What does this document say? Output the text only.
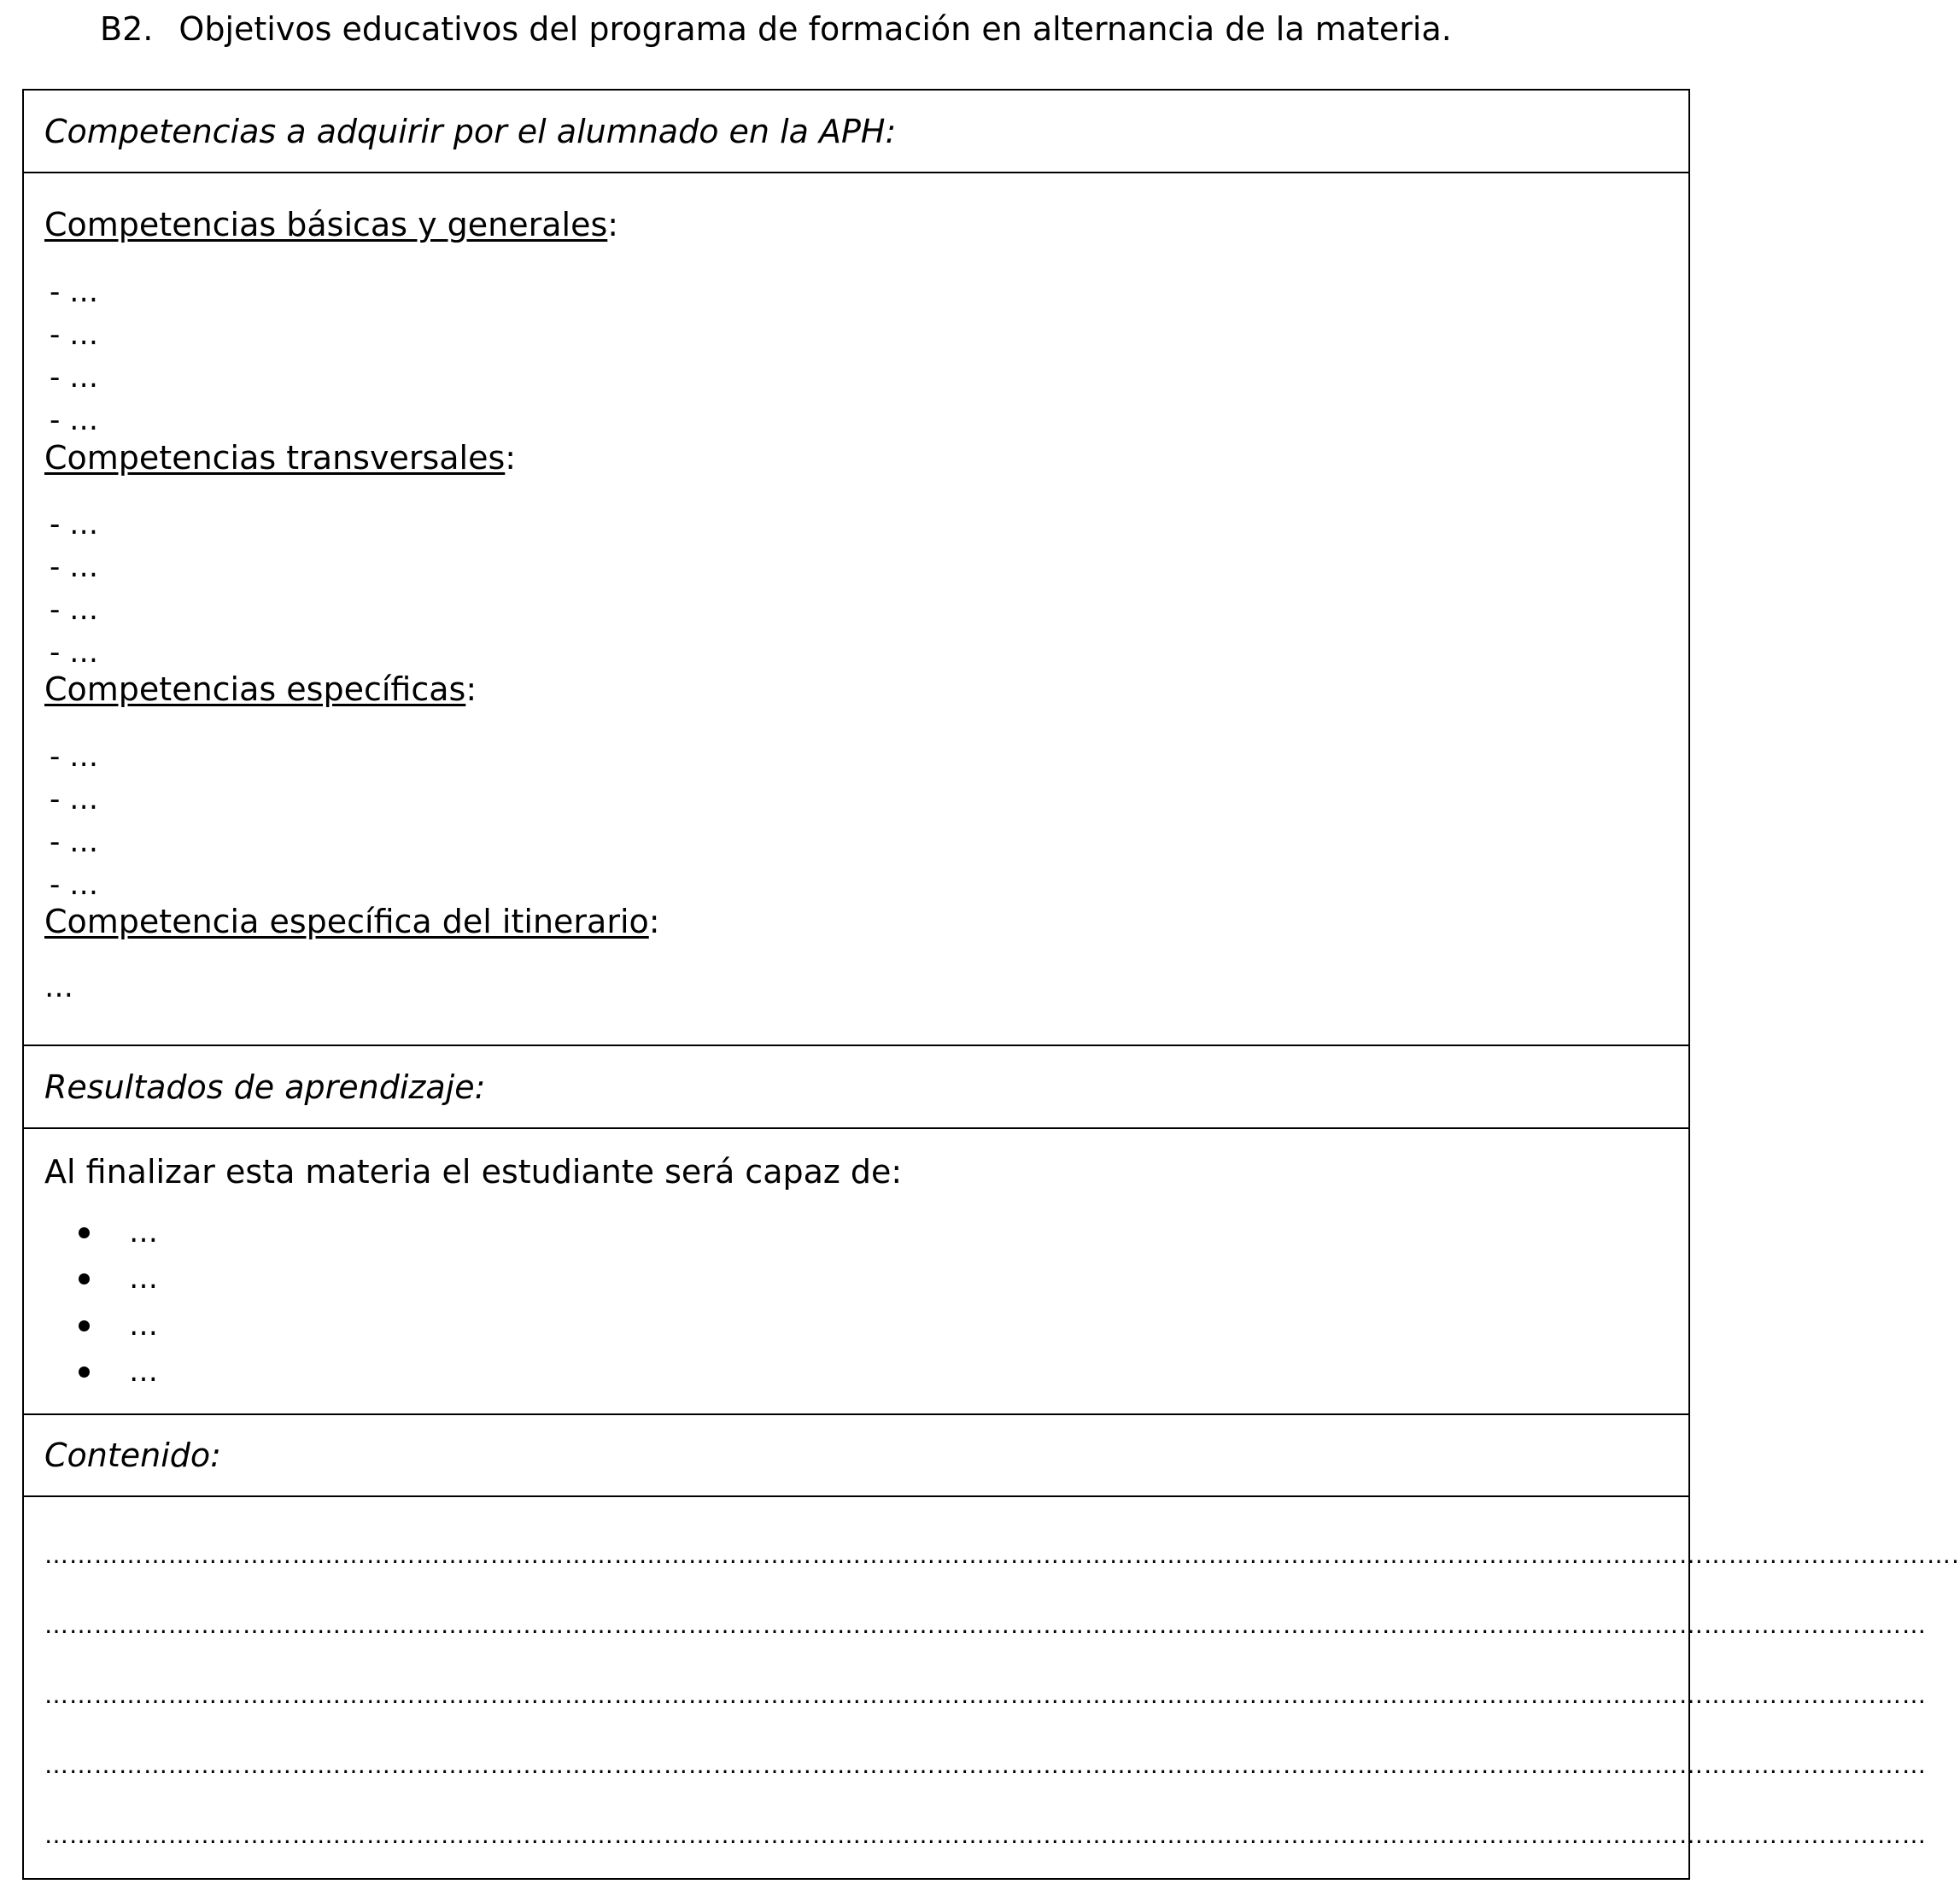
B2. Objetivos educativos del programa de formación en alternancia de la materia.
Competencias a adquirir por el alumnado en la APH:
Competencias básicas y generales:
- …
- …
- …
- …
Competencias transversales:
- …
- …
- …
- …
Competencias específicas:
- …
- …
- …
- …
Competencia específica del itinerario:
…
Resultados de aprendizaje:
Al finalizar esta materia el estudiante será capaz de:
…
…
…
…
Contenido:
…………………………………………………………………………………………………………………………………………………………………………………………………………….
…………………………………………………………………………………………………………………………………………………………………………………………………………
…………………………………………………………………………………………………………………………………………………………………………………………………………
…………………………………………………………………………………………………………………………………………………………………………………………………………
…………………………………………………………………………………………………………………………………………………………………………………………………………
